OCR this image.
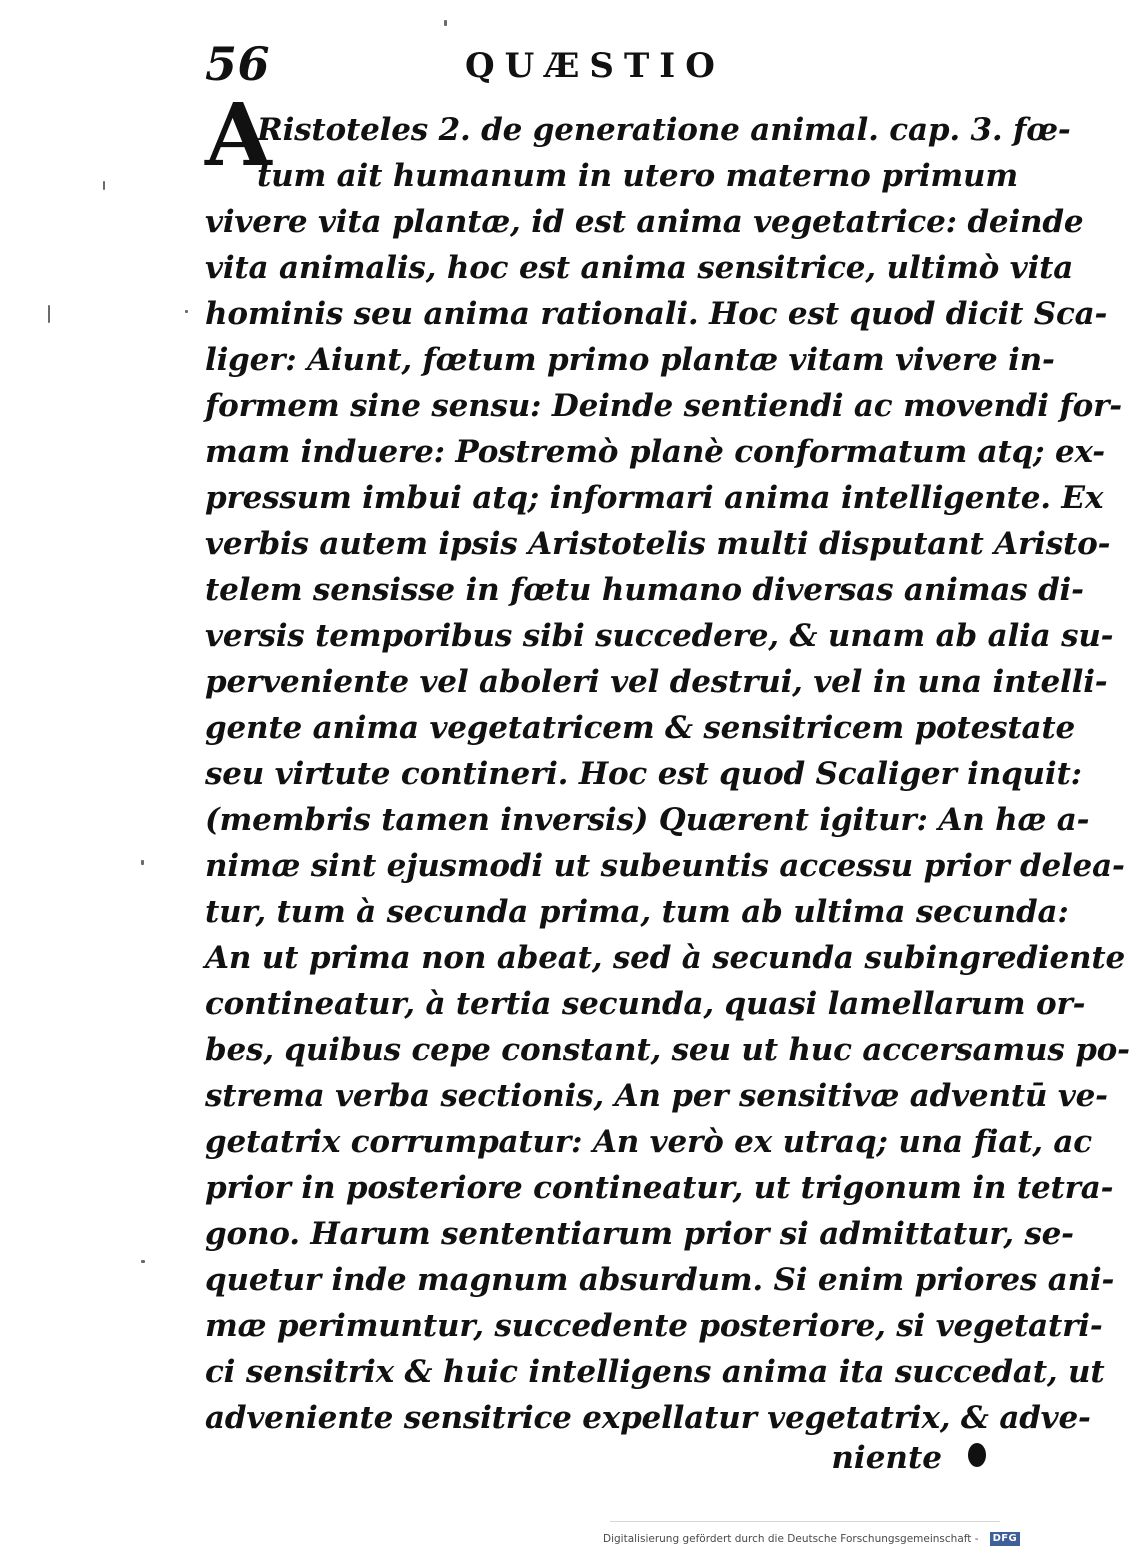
56	QUÆSTIO
A
Ristoteles 2. de generatione animal. cap. 3. fœ-
tum ait humanum in utero materno primum
vivere vita plantæ, id est anima vegetatrice: deinde
vita animalis, hoc est anima sensitrice, ultimò vita
hominis seu anima rationali. Hoc est quod dicit Sca-
liger: Aiunt, fœtum primo plantæ vitam vivere in-
formem sine sensu: Deinde sentiendi ac movendi for-
mam induere: Postremò planè conformatum atq; ex-
pressum imbui atq; informari anima intelligente. Ex
verbis autem ipsis Aristotelis multi disputant Aristo-
telem sensisse in fœtu humano diversas animas di-
versis temporibus sibi succedere, & unam ab alia su-
perveniente vel aboleri vel destrui, vel in una intelli-
gente anima vegetatricem & sensitricem potestate
seu virtute contineri. Hoc est quod Scaliger inquit:
(membris tamen inversis) Quærent igitur: An hæ a-
nimæ sint ejusmodi ut subeuntis accessu prior delea-
tur, tum à secunda prima, tum ab ultima secunda:
An ut prima non abeat, sed à secunda subingrediente
contineatur, à tertia secunda, quasi lamellarum or-
bes, quibus cepe constant, seu ut huc accersamus po-
strema verba sectionis, An per sensitivæ adventū ve-
getatrix corrumpatur: An verò ex utraq; una fiat, ac
prior in posteriore contineatur, ut trigonum in tetra-
gono. Harum sententiarum prior si admittatur, se-
quetur inde magnum absurdum. Si enim priores ani-
mæ perimuntur, succedente posteriore, si vegetatri-
ci sensitrix & huic intelligens anima ita succedat, ut
adveniente sensitrice expellatur vegetatrix, & adve-
niente
Digitalisierung gefördert durch die Deutsche Forschungsgemeinschaft - DFG
